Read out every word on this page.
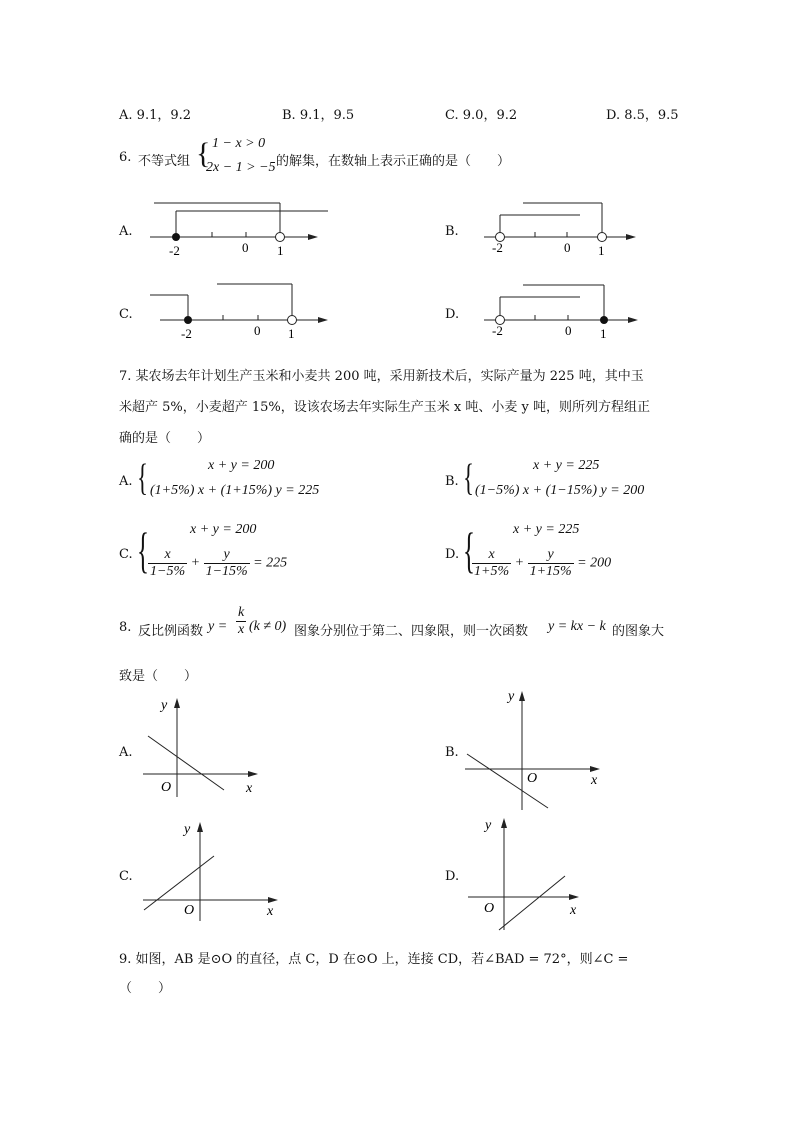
A. 9.1，9.2	B. 9.1，9.5	C. 9.0，9.2	D. 8.5，9.5
6. 不等式组 { 1 − x > 0
2x − 1 > −5 的解集，在数轴上表示正确的是（　　）
A.
-2	0 1
B.
-2	0 1
C.
-2	0 1
D.
-2	0 1
7. 某农场去年计划生产玉米和小麦共 200 吨，采用新技术后，实际产量为 225 吨，其中玉
米超产 5%，小麦超产 15%，设该农场去年实际生产玉米 x 吨、小麦 y 吨，则所列方程组正
确的是（　　）
A. {	x + y = 200
(1+5%) x + (1+15%) y = 225
B. {	x + y = 225
(1−5%) x + (1−15%) y = 200
C. {	x + y = 200
$\frac{x}{1-5\%} + \frac{y}{1-15\%} = 225$
D. {	x + y = 225
$\frac{x}{1+5\%} + \frac{y}{1+15\%} = 200$
8. 反比例函数 $y = \frac{k}{x} (k \ne 0)$ 图象分别位于第二、四象限，则一次函数 y = kx − k 的图象大
致是（　　）
A.
O	x
y
B.
O	x
y
C.
O	x
y
D.
O	x
y
9. 如图，AB 是⊙O 的直径，点 C，D 在⊙O 上，连接 CD，若∠BAD = 72°，则∠C =
（　　）
